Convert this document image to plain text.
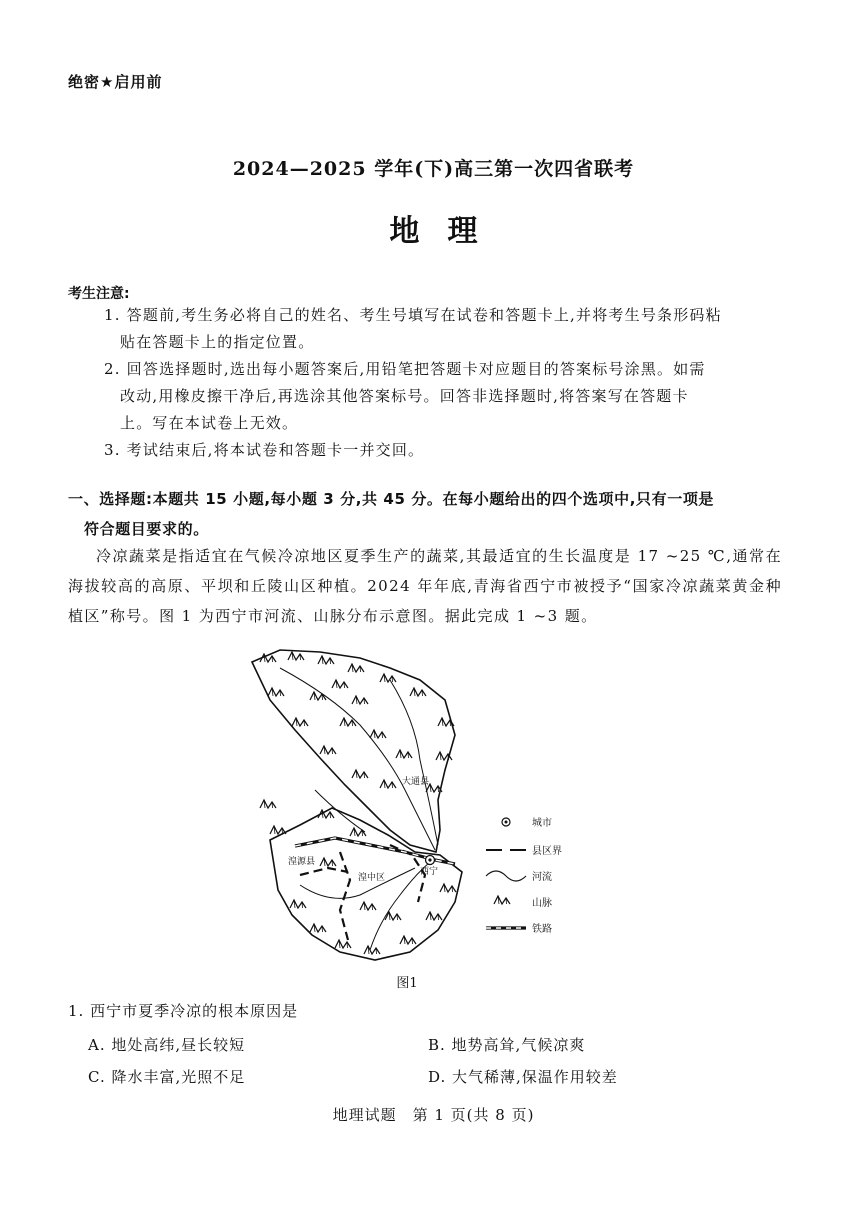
绝密★启用前
2024—2025 学年(下)高三第一次四省联考
地理
考生注意:
1. 答题前,考生务必将自己的姓名、考生号填写在试卷和答题卡上,并将考生号条形码粘
贴在答题卡上的指定位置。
2. 回答选择题时,选出每小题答案后,用铅笔把答题卡对应题目的答案标号涂黑。如需
改动,用橡皮擦干净后,再选涂其他答案标号。回答非选择题时,将答案写在答题卡
上。写在本试卷上无效。
3. 考试结束后,将本试卷和答题卡一并交回。
一、选择题:本题共 15 小题,每小题 3 分,共 45 分。在每小题给出的四个选项中,只有一项是
符合题目要求的。
冷凉蔬菜是指适宜在气候冷凉地区夏季生产的蔬菜,其最适宜的生长温度是 17 ~25 ℃,通常在海拔较高的高原、平坝和丘陵山区种植。2024 年年底,青海省西宁市被授予“国家冷凉蔬菜黄金种植区”称号。图 1 为西宁市河流、山脉分布示意图。据此完成 1 ~3 题。
大通县
湟源县
湟中区
西宁
城市
县区界
河流
山脉
铁路
图1
1. 西宁市夏季冷凉的根本原因是
A. 地处高纬,昼长较短	B. 地势高耸,气候凉爽
C. 降水丰富,光照不足	D. 大气稀薄,保温作用较差
地理试题　第 1 页(共 8 页)
